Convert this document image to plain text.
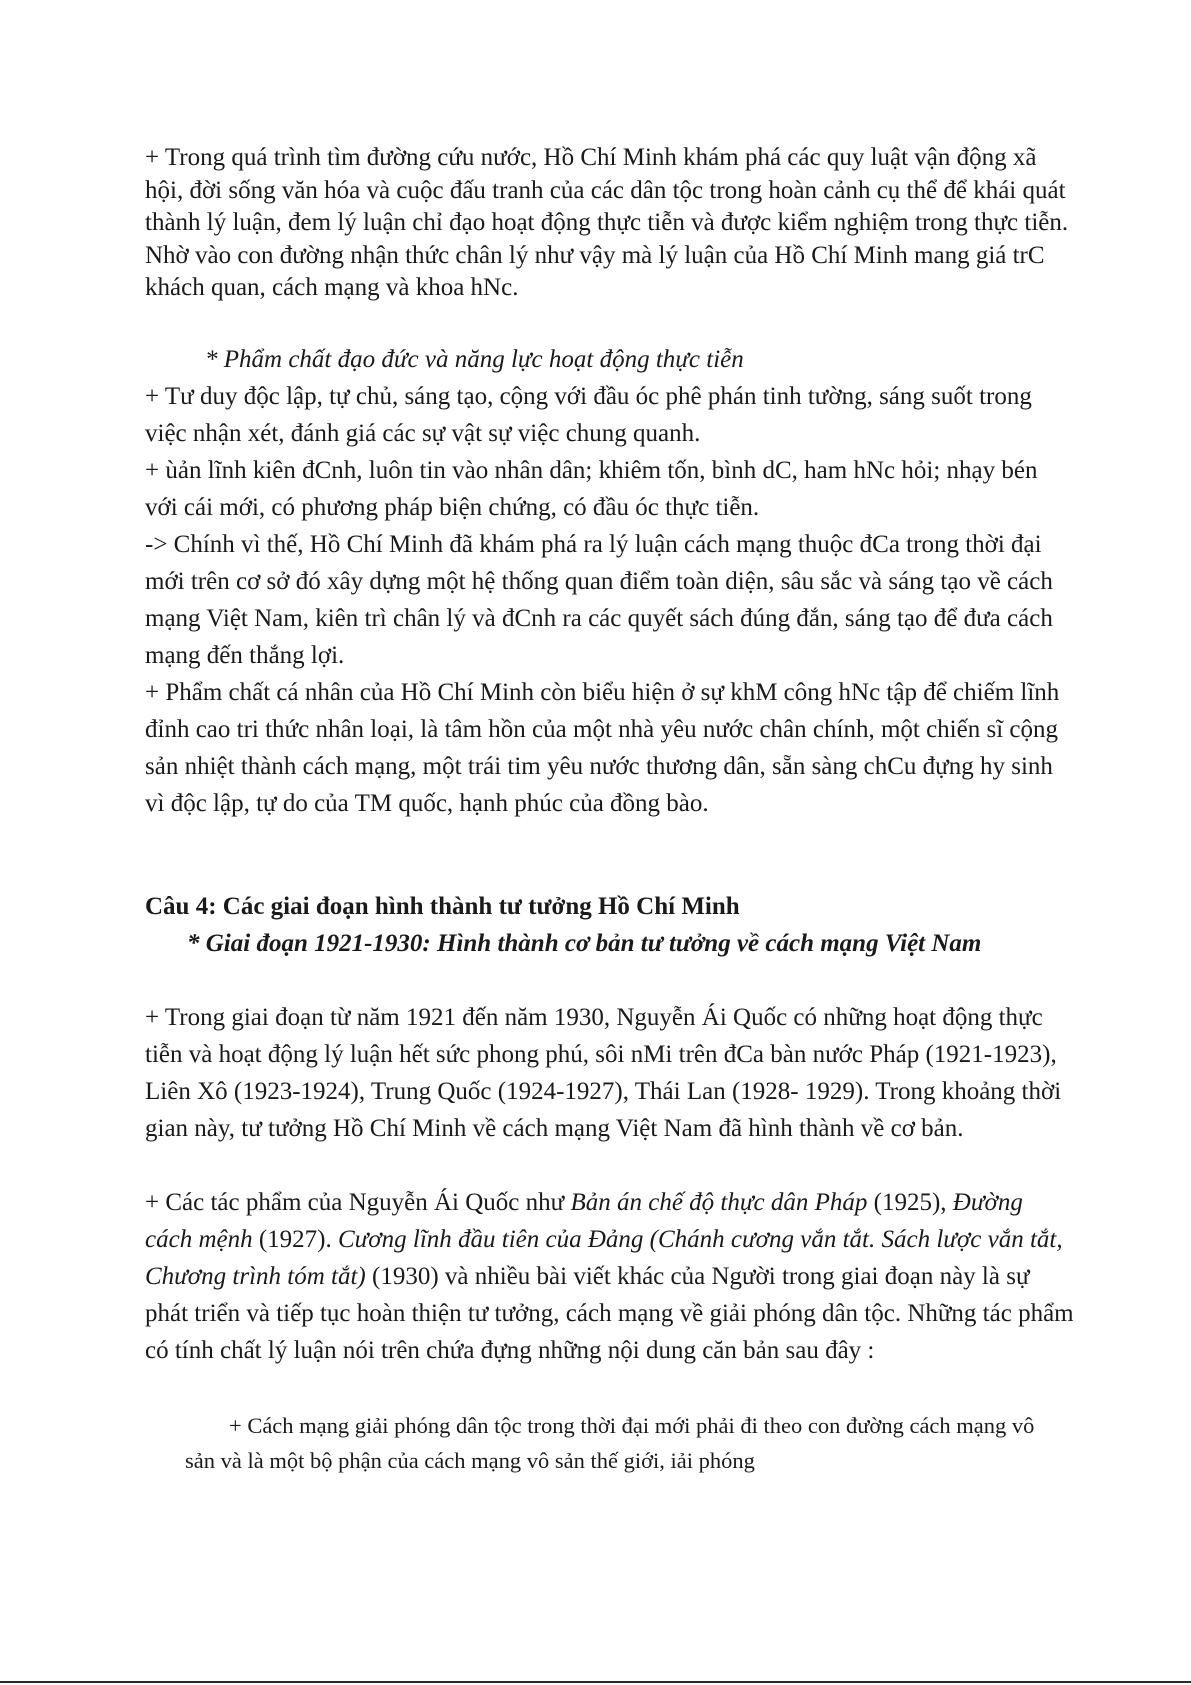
+ Trong quá trình tìm đường cứu nước, Hồ Chí Minh khám phá các quy luật vận động xã hội, đời sống văn hóa và cuộc đấu tranh của các dân tộc trong hoàn cảnh cụ thể để khái quát thành lý luận, đem lý luận chỉ đạo hoạt động thực tiễn và được kiểm nghiệm trong thực tiễn. Nhờ vào con đường nhận thức chân lý như vậy mà lý luận của Hồ Chí Minh mang giá trC khách quan, cách mạng và khoa hNc.

* Phẩm chất đạo đức và năng lực hoạt động thực tiễn

+ Tư duy độc lập, tự chủ, sáng tạo, cộng với đầu óc phê phán tinh tường, sáng suốt trong việc nhận xét, đánh giá các sự vật sự việc chung quanh.

+ ùản lĩnh kiên đCnh, luôn tin vào nhân dân; khiêm tốn, bình dC, ham hNc hỏi; nhạy bén với cái mới, có phương pháp biện chứng, có đầu óc thực tiễn.

-> Chính vì thế, Hồ Chí Minh đã khám phá ra lý luận cách mạng thuộc đCa trong thời đại mới trên cơ sở đó xây dựng một hệ thống quan điểm toàn diện, sâu sắc và sáng tạo về cách mạng Việt Nam, kiên trì chân lý và đCnh ra các quyết sách đúng đắn, sáng tạo để đưa cách mạng đến thắng lợi.

+ Phẩm chất cá nhân của Hồ Chí Minh còn biểu hiện ở sự khM công hNc tập để chiếm lĩnh đỉnh cao tri thức nhân loại, là tâm hồn của một nhà yêu nước chân chính, một chiến sĩ cộng sản nhiệt thành cách mạng, một trái tim yêu nước thương dân, sẵn sàng chCu đựng hy sinh vì độc lập, tự do của TM quốc, hạnh phúc của đồng bào.

Câu 4: Các giai đoạn hình thành tư tưởng Hồ Chí Minh

* Giai đoạn 1921-1930: Hình thành cơ bản tư tưởng về cách mạng Việt Nam

+ Trong giai đoạn từ năm 1921 đến năm 1930, Nguyễn Ái Quốc có những hoạt động thực tiễn và hoạt động lý luận hết sức phong phú, sôi nMi trên đCa bàn nước Pháp (1921-1923), Liên Xô (1923-1924), Trung Quốc (1924-1927), Thái Lan (1928- 1929). Trong khoảng thời gian này, tư tưởng Hồ Chí Minh về cách mạng Việt Nam đã hình thành về cơ bản.

+ Các tác phẩm của Nguyễn Ái Quốc như Bản án chế độ thực dân Pháp (1925), Đường cách mệnh (1927). Cương lĩnh đầu tiên của Đảng (Chánh cương vắn tắt. Sách lược vắn tắt, Chương trình tóm tắt) (1930) và nhiều bài viết khác của Người trong giai đoạn này là sự phát triển và tiếp tục hoàn thiện tư tưởng, cách mạng về giải phóng dân tộc. Những tác phẩm có tính chất lý luận nói trên chứa đựng những nội dung căn bản sau đây :

+ Cách mạng giải phóng dân tộc trong thời đại mới phải đi theo con đường cách mạng vô sản và là một bộ phận của cách mạng vô sản thế giới, iải phóng
